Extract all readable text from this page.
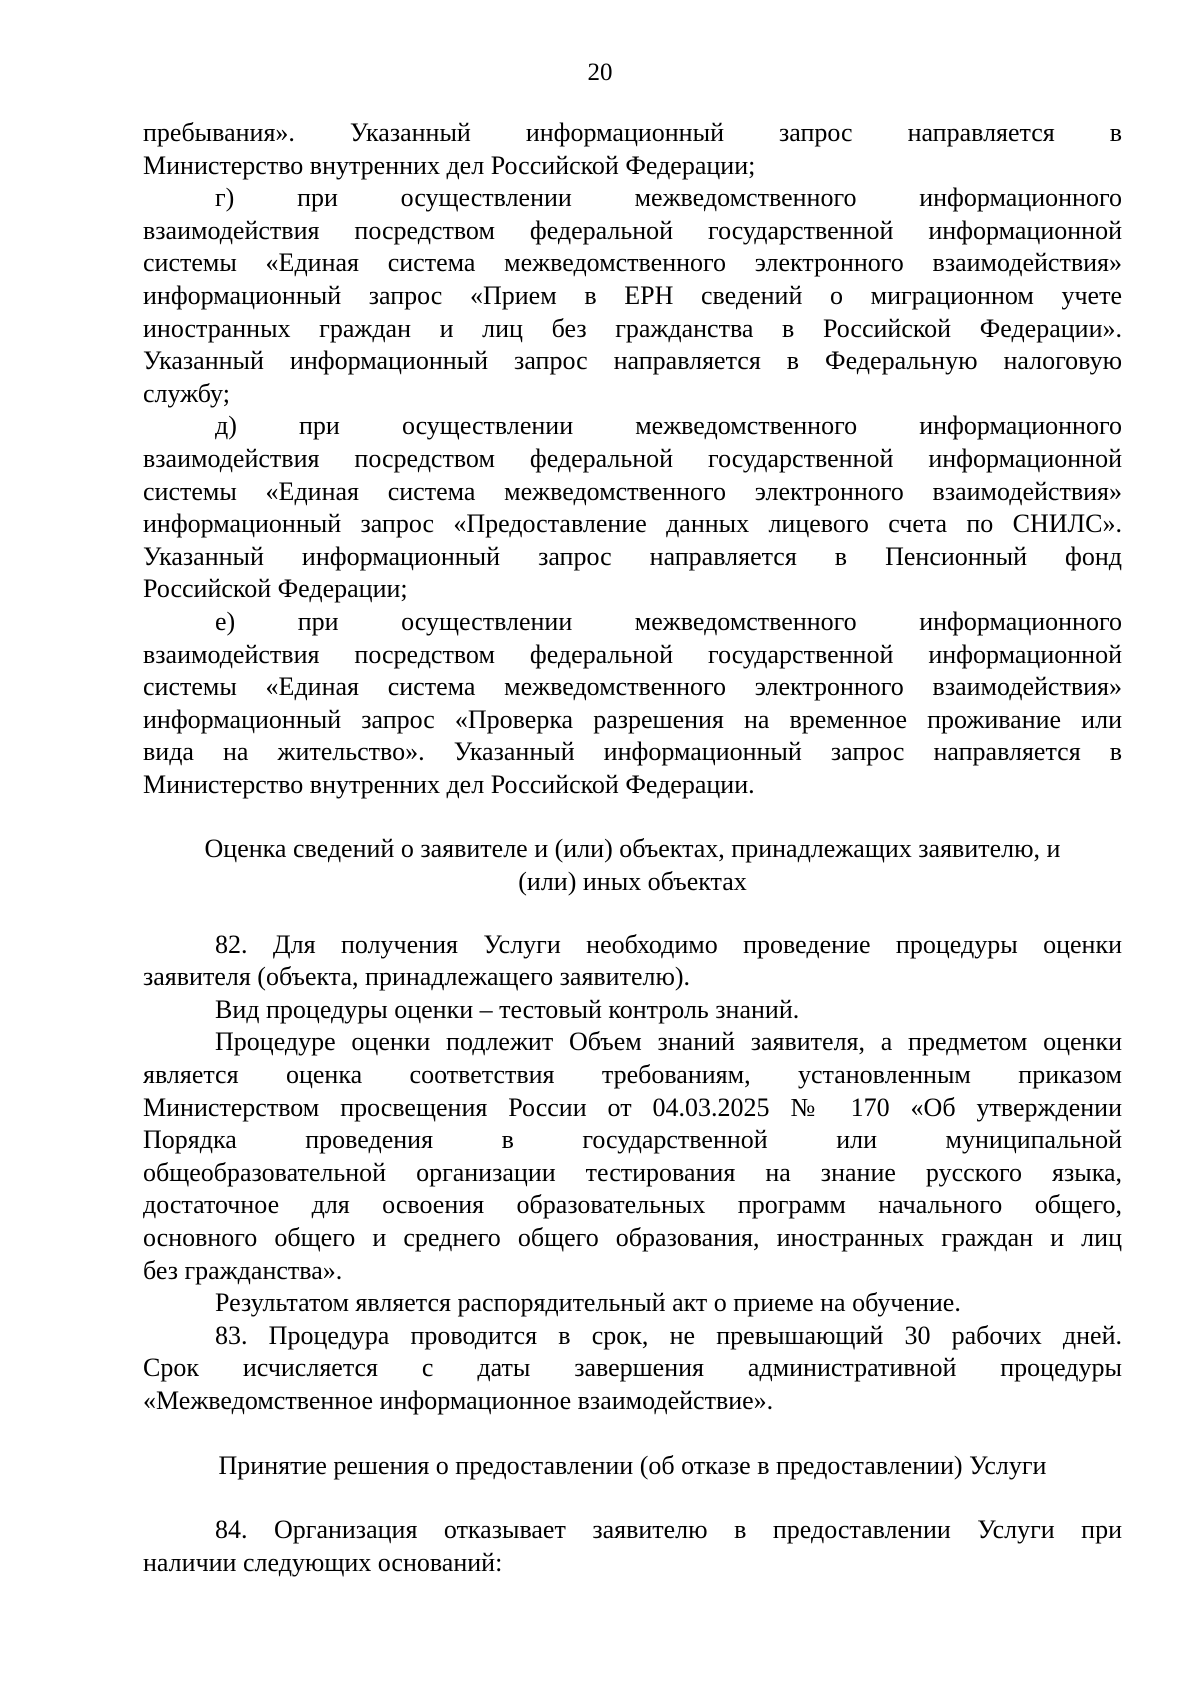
20

пребывания». Указанный информационный запрос направляется в
Министерство внутренних дел Российской Федерации;

г) при осуществлении межведомственного информационного
взаимодействия посредством федеральной государственной информационной
системы «Единая система межведомственного электронного взаимодействия»
информационный запрос «Прием в ЕРН сведений о миграционном учете
иностранных граждан и лиц без гражданства в Российской Федерации».
Указанный информационный запрос направляется в Федеральную налоговую
службу;

д) при осуществлении межведомственного информационного
взаимодействия посредством федеральной государственной информационной
системы «Единая система межведомственного электронного взаимодействия»
информационный запрос «Предоставление данных лицевого счета по СНИЛС».
Указанный информационный запрос направляется в Пенсионный фонд
Российской Федерации;

е) при осуществлении межведомственного информационного
взаимодействия посредством федеральной государственной информационной
системы «Единая система межведомственного электронного взаимодействия»
информационный запрос «Проверка разрешения на временное проживание или
вида на жительство». Указанный информационный запрос направляется в
Министерство внутренних дел Российской Федерации.

Оценка сведений о заявителе и (или) объектах, принадлежащих заявителю, и
(или) иных объектах

82. Для получения Услуги необходимо проведение процедуры оценки
заявителя (объекта, принадлежащего заявителю).

Вид процедуры оценки – тестовый контроль знаний.

Процедуре оценки подлежит Объем знаний заявителя, а предметом оценки
является оценка соответствия требованиям, установленным приказом
Министерством просвещения России от 04.03.2025 № 170 «Об утверждении
Порядка проведения в государственной или муниципальной
общеобразовательной организации тестирования на знание русского языка,
достаточное для освоения образовательных программ начального общего,
основного общего и среднего общего образования, иностранных граждан и лиц
без гражданства».

Результатом является распорядительный акт о приеме на обучение.

83. Процедура проводится в срок, не превышающий 30 рабочих дней.
Срок исчисляется с даты завершения административной процедуры
«Межведомственное информационное взаимодействие».

Принятие решения о предоставлении (об отказе в предоставлении) Услуги

84. Организация отказывает заявителю в предоставлении Услуги при
наличии следующих оснований:
